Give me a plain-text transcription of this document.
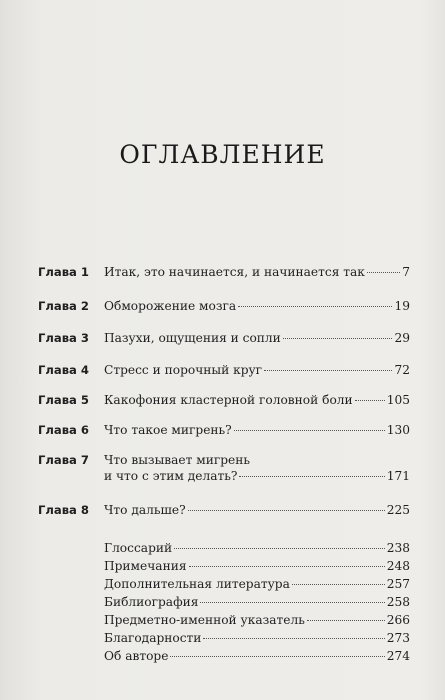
ОГЛАВЛЕНИЕ
Глава 1	Итак, это начинается, и начинается так	7
Глава 2	Обморожение мозга	19
Глава 3	Пазухи, ощущения и сопли	29
Глава 4	Стресс и порочный круг	72
Глава 5	Какофония кластерной головной боли	105
Глава 6	Что такое мигрень?	130
Глава 7	Что вызывает мигрень
и что с этим делать?	171
Глава 8	Что дальше?	225
Глоссарий	238
Примечания	248
Дополнительная литература	257
Библиография	258
Предметно-именной указатель	266
Благодарности	273
Об авторе	274
